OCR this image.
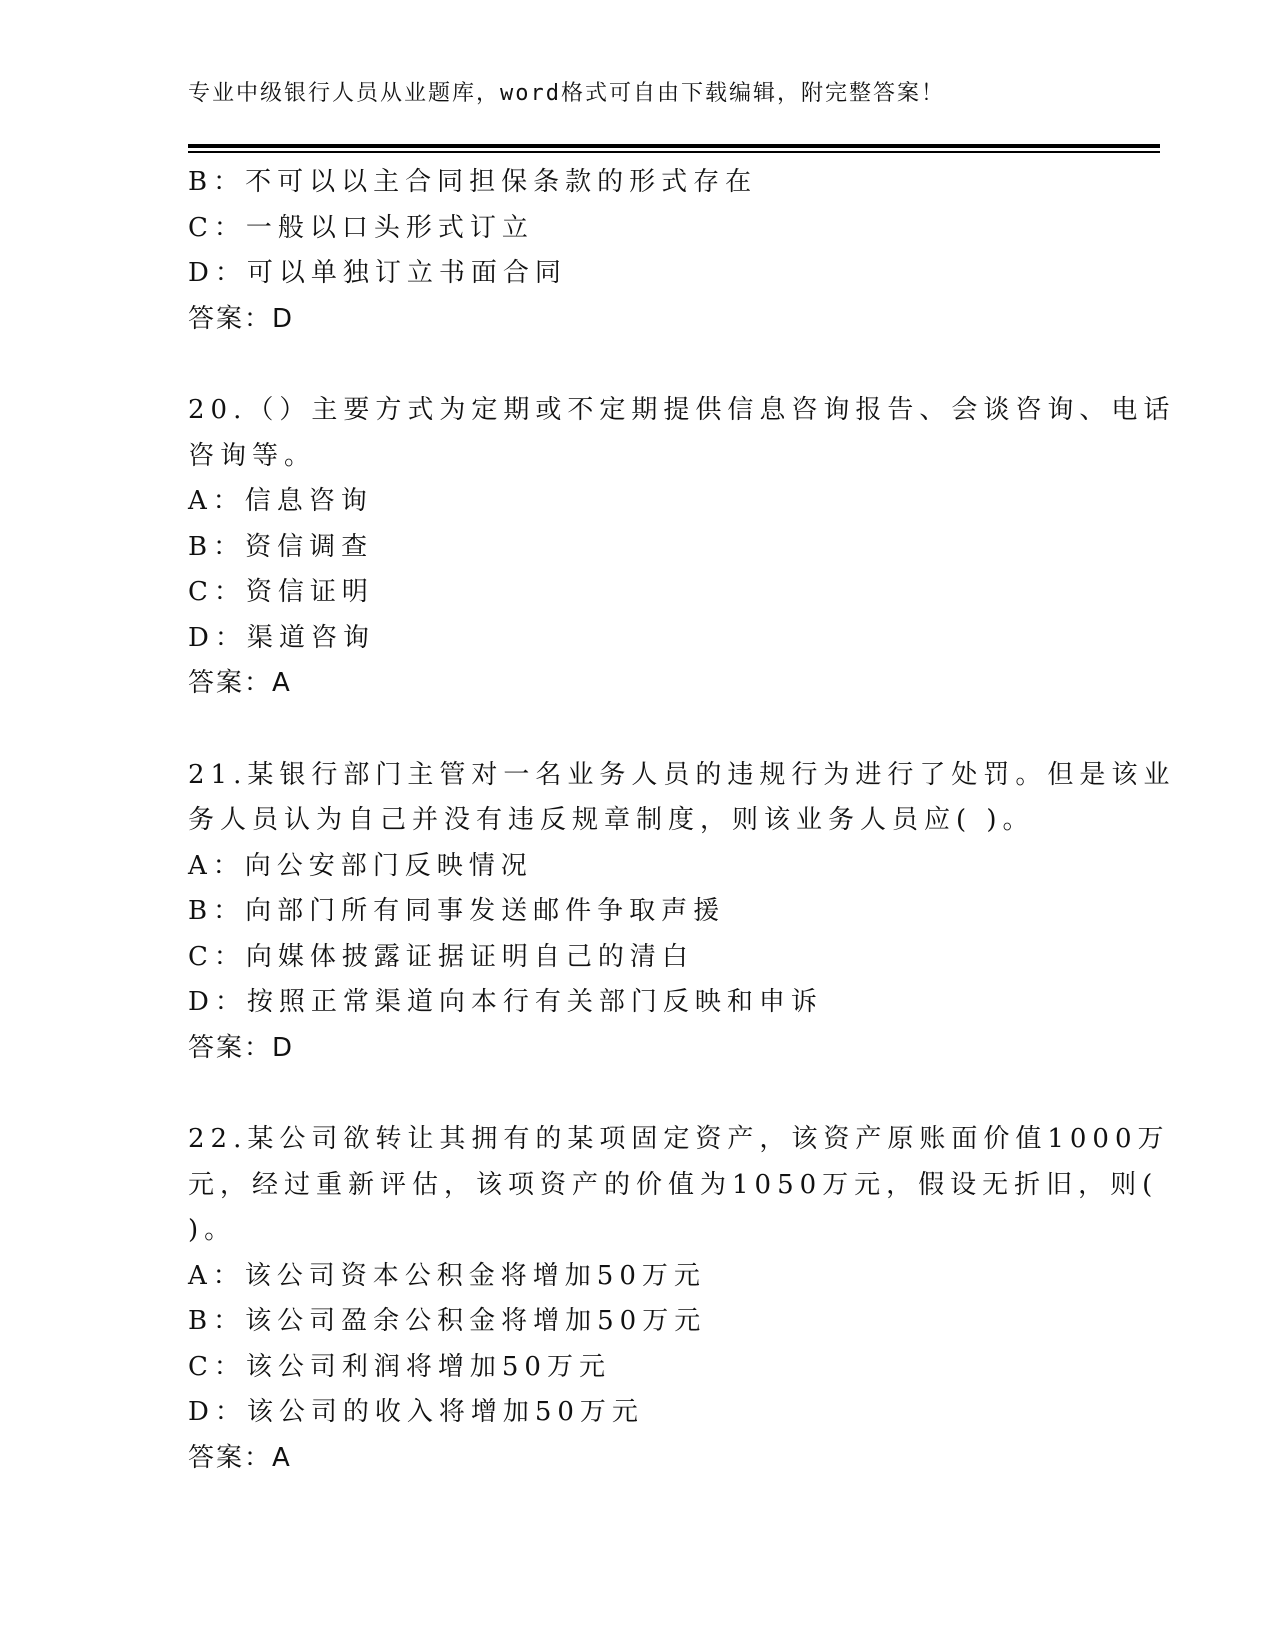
专业中级银行人员从业题库，word格式可自由下载编辑，附完整答案！
B：不可以以主合同担保条款的形式存在
C：一般以口头形式订立
D：可以单独订立书面合同
答案：D
20.（）主要方式为定期或不定期提供信息咨询报告、会谈咨询、电话
咨询等。
A：信息咨询
B：资信调查
C：资信证明
D：渠道咨询
答案：A
21.某银行部门主管对一名业务人员的违规行为进行了处罚。但是该业
务人员认为自己并没有违反规章制度，则该业务人员应( )。
A：向公安部门反映情况
B：向部门所有同事发送邮件争取声援
C：向媒体披露证据证明自己的清白
D：按照正常渠道向本行有关部门反映和申诉
答案：D
22.某公司欲转让其拥有的某项固定资产，该资产原账面价值1000万
元，经过重新评估，该项资产的价值为1050万元，假设无折旧，则(
)。
A：该公司资本公积金将增加50万元
B：该公司盈余公积金将增加50万元
C：该公司利润将增加50万元
D：该公司的收入将增加50万元
答案：A
